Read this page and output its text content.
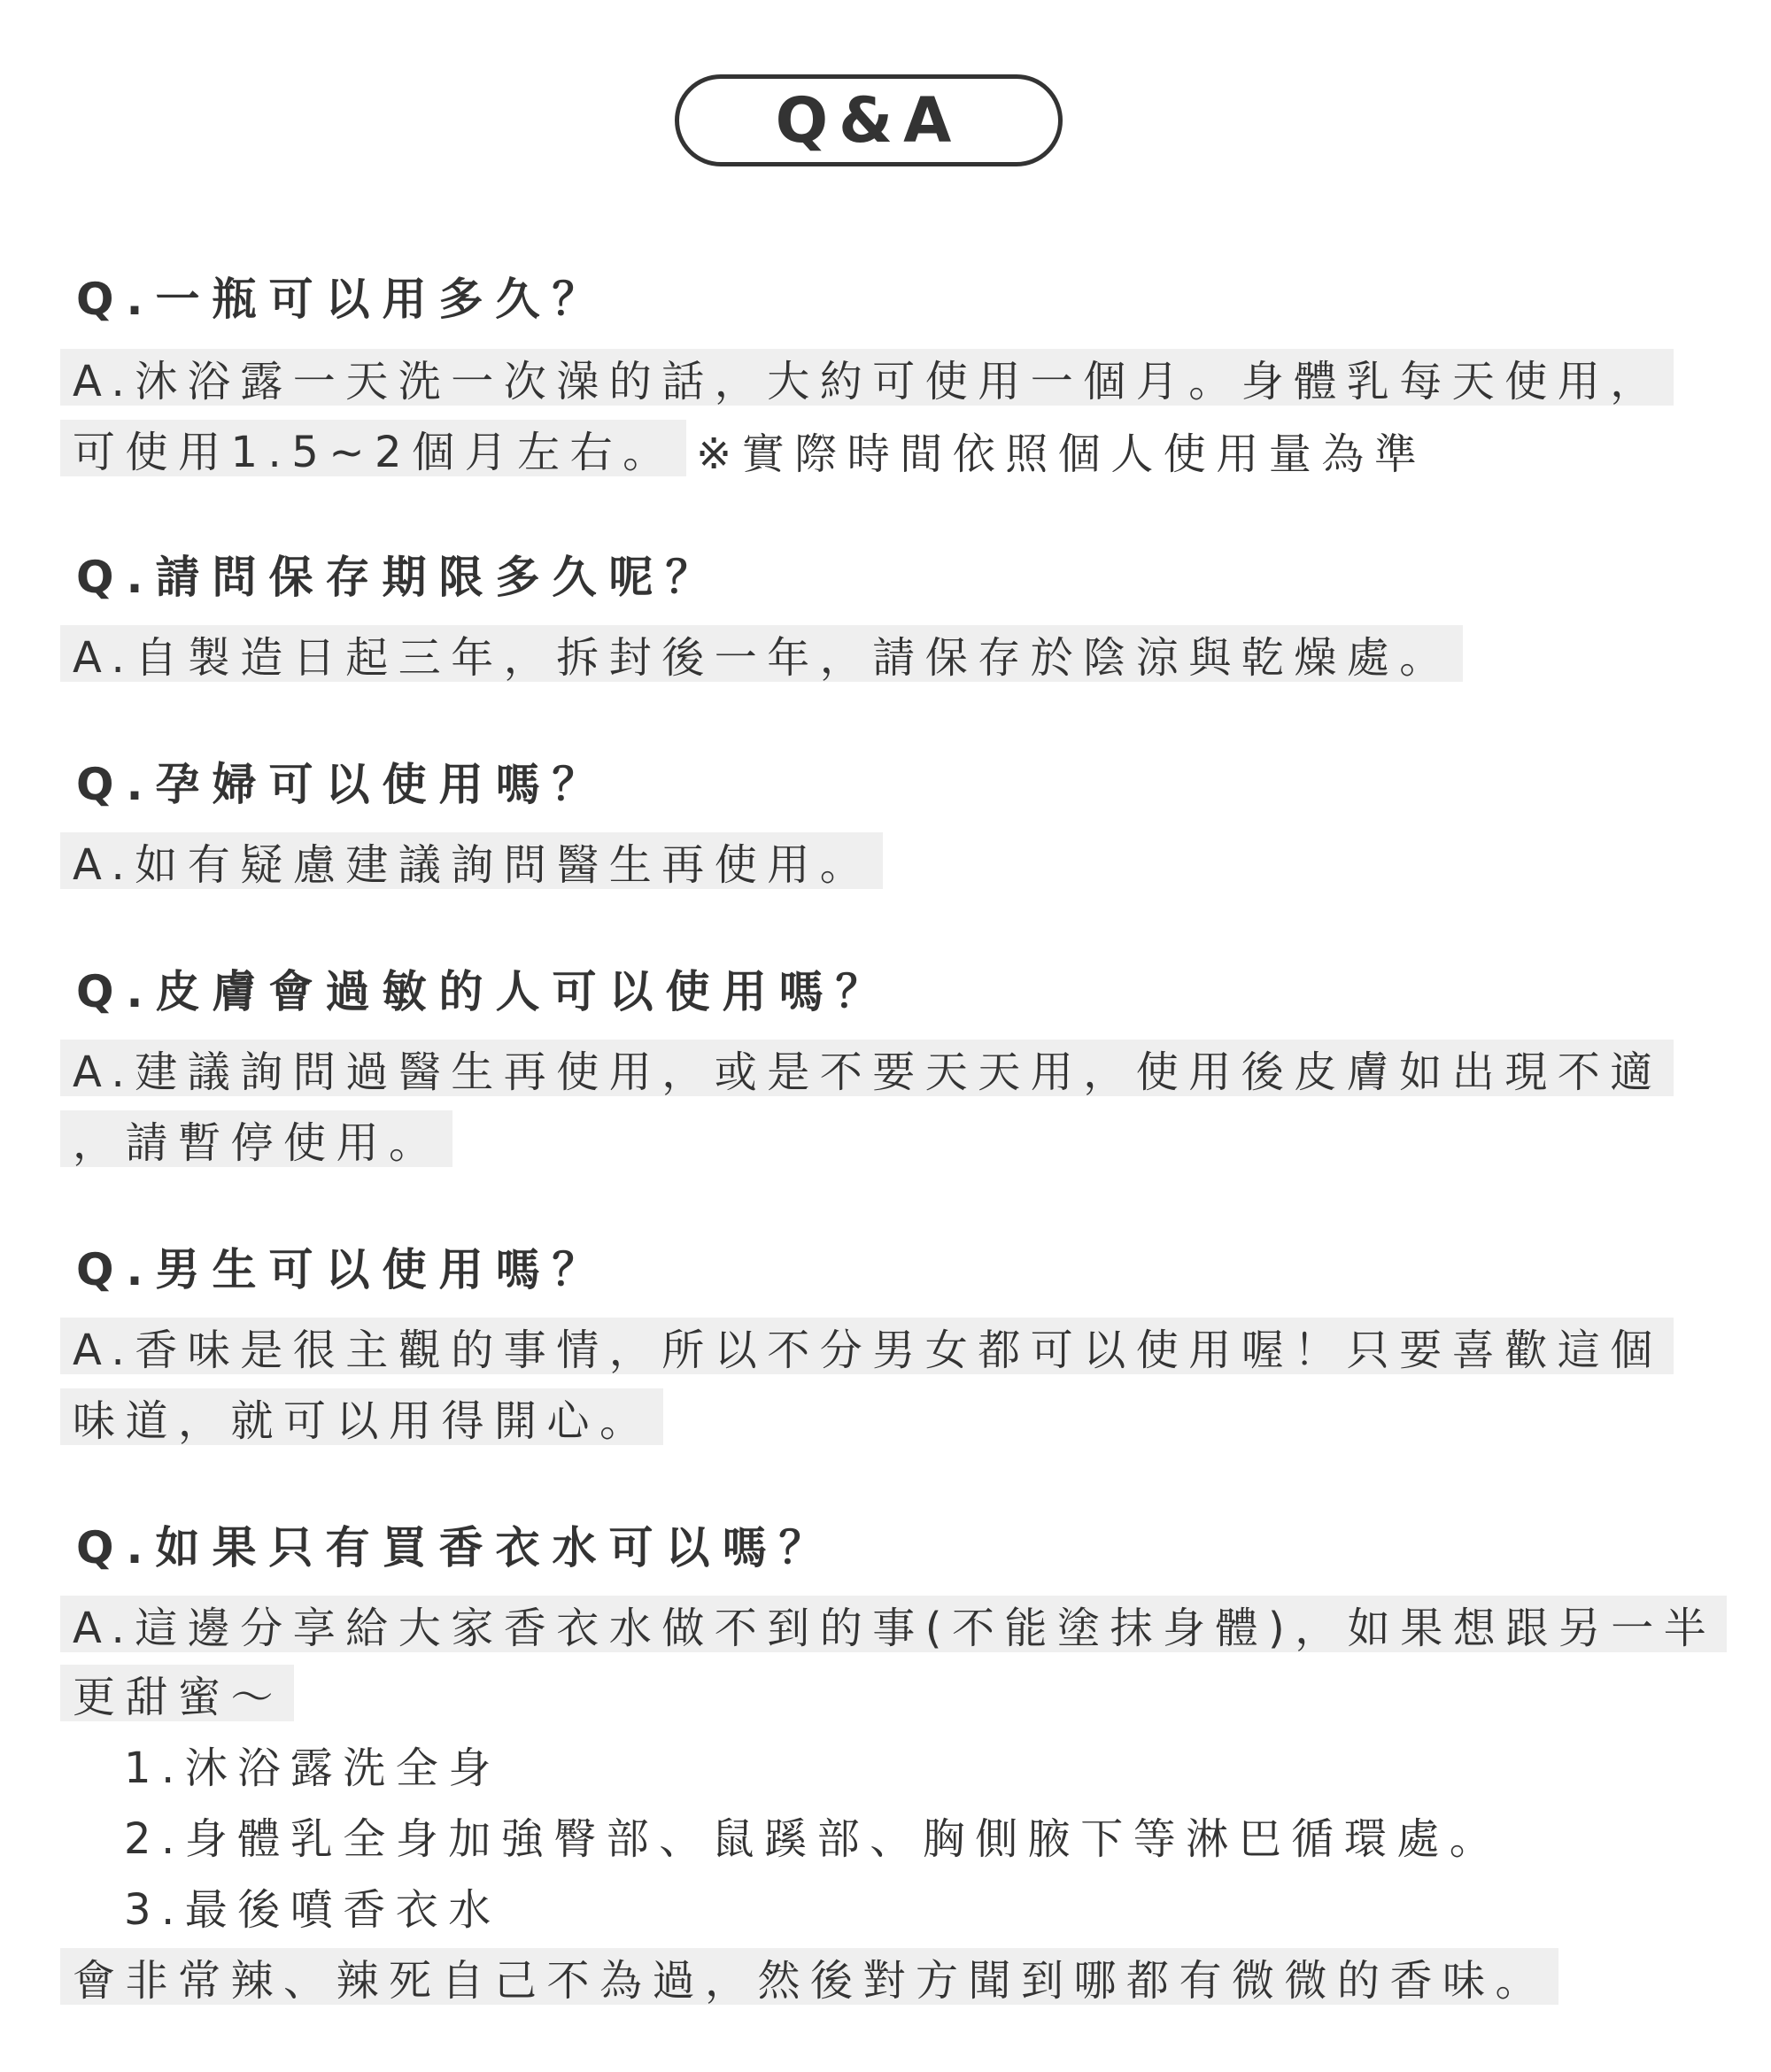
Q&A
Q.一瓶可以用多久？
A.沐浴露一天洗一次澡的話，大約可使用一個月。身體乳每天使用，
可使用1.5~2個月左右。 ※實際時間依照個人使用量為準
Q.請問保存期限多久呢？
A.自製造日起三年，拆封後一年，請保存於陰涼與乾燥處。
Q.孕婦可以使用嗎？
A.如有疑慮建議詢問醫生再使用。
Q.皮膚會過敏的人可以使用嗎？
A.建議詢問過醫生再使用，或是不要天天用，使用後皮膚如出現不適
，請暫停使用。
Q.男生可以使用嗎？
A.香味是很主觀的事情，所以不分男女都可以使用喔！只要喜歡這個
味道，就可以用得開心。
Q.如果只有買香衣水可以嗎？
A.這邊分享給大家香衣水做不到的事(不能塗抹身體)，如果想跟另一半
更甜蜜～
1.沐浴露洗全身
2.身體乳全身加強臀部、鼠蹊部、胸側腋下等淋巴循環處。
3.最後噴香衣水
會非常辣、辣死自己不為過，然後對方聞到哪都有微微的香味。
